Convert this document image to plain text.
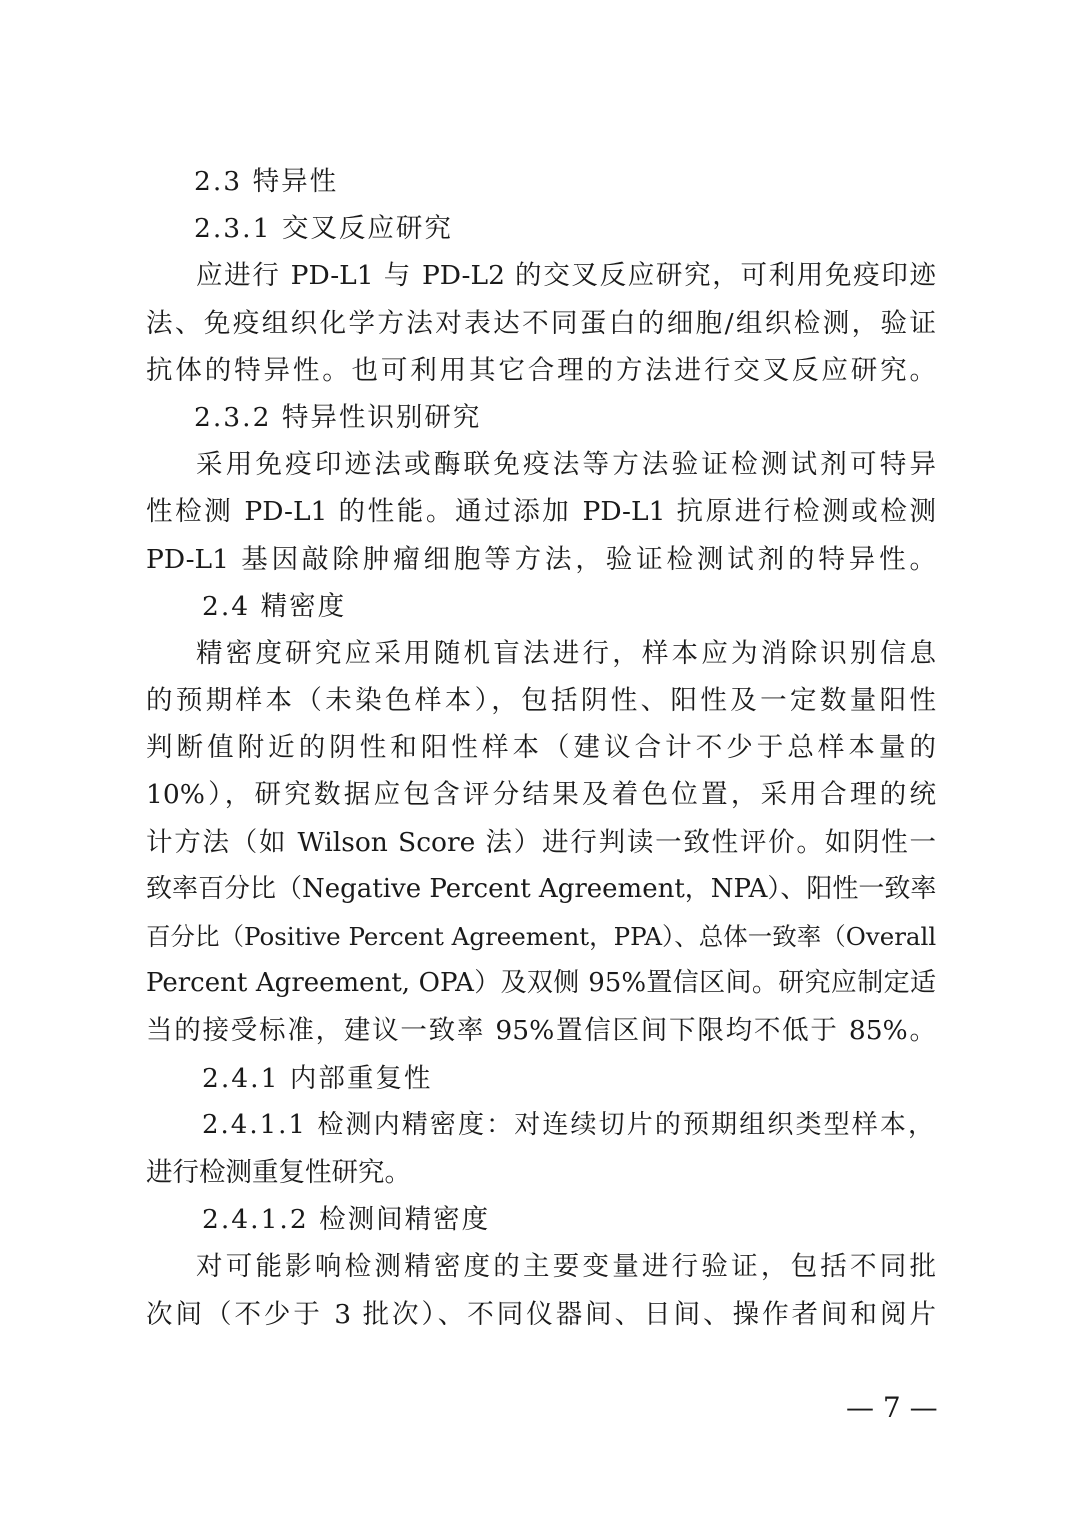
2.3 特异性
2.3.1 交叉反应研究
应进行 PD-L1 与 PD-L2 的交叉反应研究，可利用免疫印迹
法、免疫组织化学方法对表达不同蛋白的细胞/组织检测，验证
抗体的特异性。也可利用其它合理的方法进行交叉反应研究。
2.3.2 特异性识别研究
采用免疫印迹法或酶联免疫法等方法验证检测试剂可特异
性检测 PD-L1 的性能。通过添加 PD-L1 抗原进行检测或检测
PD-L1 基因敲除肿瘤细胞等方法，验证检测试剂的特异性。
2.4 精密度
精密度研究应采用随机盲法进行，样本应为消除识别信息
的预期样本（未染色样本），包括阴性、阳性及一定数量阳性
判断值附近的阴性和阳性样本（建议合计不少于总样本量的
10%），研究数据应包含评分结果及着色位置，采用合理的统
计方法（如 Wilson Score 法）进行判读一致性评价。如阴性一
致率百分比（Negative Percent Agreement，NPA）、阳性一致率
百分比（Positive Percent Agreement，PPA）、总体一致率（Overall
Percent Agreement, OPA）及双侧 95%置信区间。研究应制定适
当的接受标准，建议一致率 95%置信区间下限均不低于 85%。
2.4.1 内部重复性
2.4.1.1 检测内精密度：对连续切片的预期组织类型样本，
进行检测重复性研究。
2.4.1.2 检测间精密度
对可能影响检测精密度的主要变量进行验证，包括不同批
次间（不少于 3 批次）、不同仪器间、日间、操作者间和阅片
— 7 —
